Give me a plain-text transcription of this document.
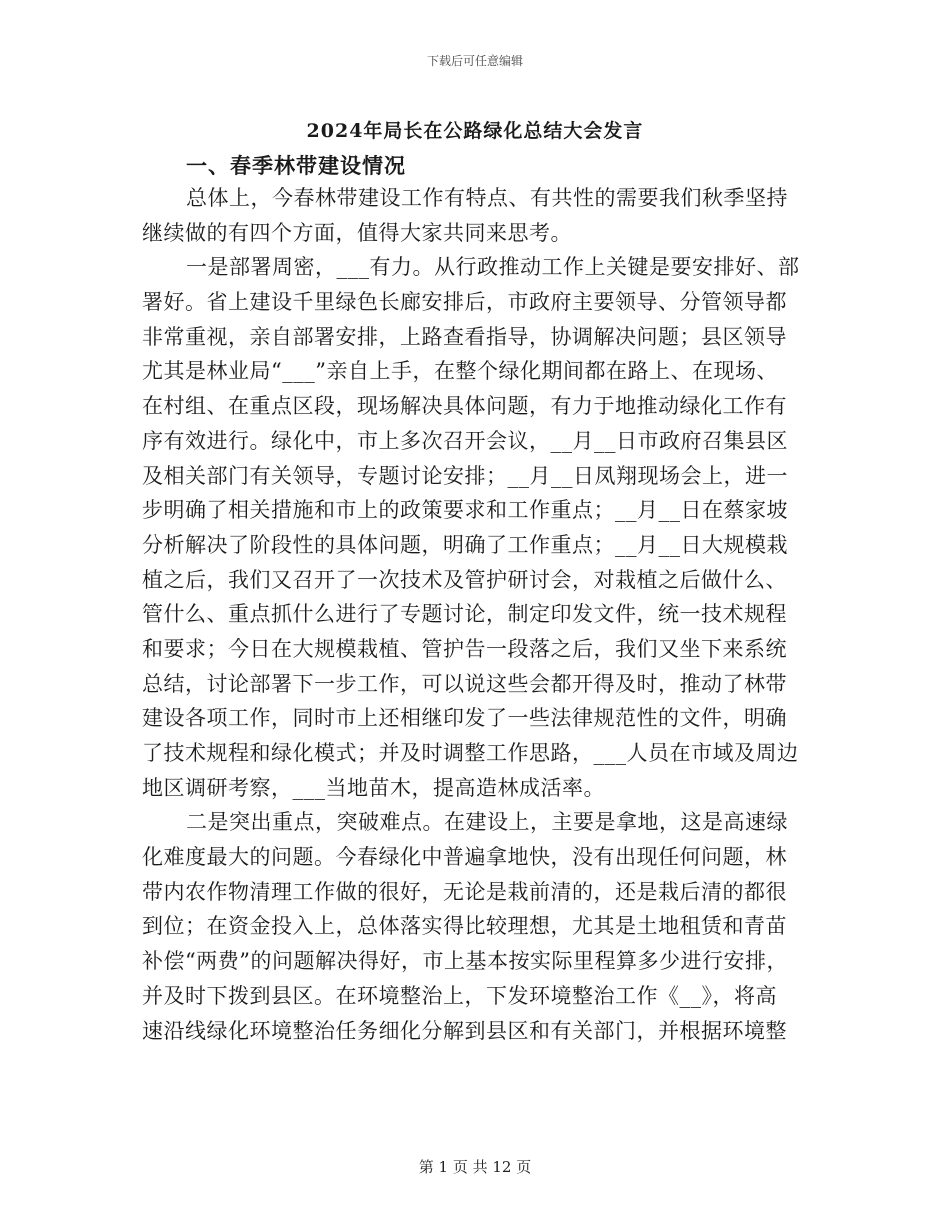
下载后可任意编辑
2024年局长在公路绿化总结大会发言
一、春季林带建设情况
总体上，今春林带建设工作有特点、有共性的需要我们秋季坚持
继续做的有四个方面，值得大家共同来思考。
一是部署周密，___有力。从行政推动工作上关键是要安排好、部
署好。省上建设千里绿色长廊安排后，市政府主要领导、分管领导都
非常重视，亲自部署安排，上路查看指导，协调解决问题；县区领导
尤其是林业局“___”亲自上手，在整个绿化期间都在路上、在现场、
在村组、在重点区段，现场解决具体问题，有力于地推动绿化工作有
序有效进行。绿化中，市上多次召开会议，__月__日市政府召集县区
及相关部门有关领导，专题讨论安排；__月__日凤翔现场会上，进一
步明确了相关措施和市上的政策要求和工作重点；__月__日在蔡家坡
分析解决了阶段性的具体问题，明确了工作重点；__月__日大规模栽
植之后，我们又召开了一次技术及管护研讨会，对栽植之后做什么、
管什么、重点抓什么进行了专题讨论，制定印发文件，统一技术规程
和要求；今日在大规模栽植、管护告一段落之后，我们又坐下来系统
总结，讨论部署下一步工作，可以说这些会都开得及时，推动了林带
建设各项工作，同时市上还相继印发了一些法律规范性的文件，明确
了技术规程和绿化模式；并及时调整工作思路，___人员在市域及周边
地区调研考察，___当地苗木，提高造林成活率。
二是突出重点，突破难点。在建设上，主要是拿地，这是高速绿
化难度最大的问题。今春绿化中普遍拿地快，没有出现任何问题，林
带内农作物清理工作做的很好，无论是栽前清的，还是栽后清的都很
到位；在资金投入上，总体落实得比较理想，尤其是土地租赁和青苗
补偿“两费”的问题解决得好，市上基本按实际里程算多少进行安排，
并及时下拨到县区。在环境整治上，下发环境整治工作《__》，将高
速沿线绿化环境整治任务细化分解到县区和有关部门，并根据环境整
第 1 页 共 12 页
